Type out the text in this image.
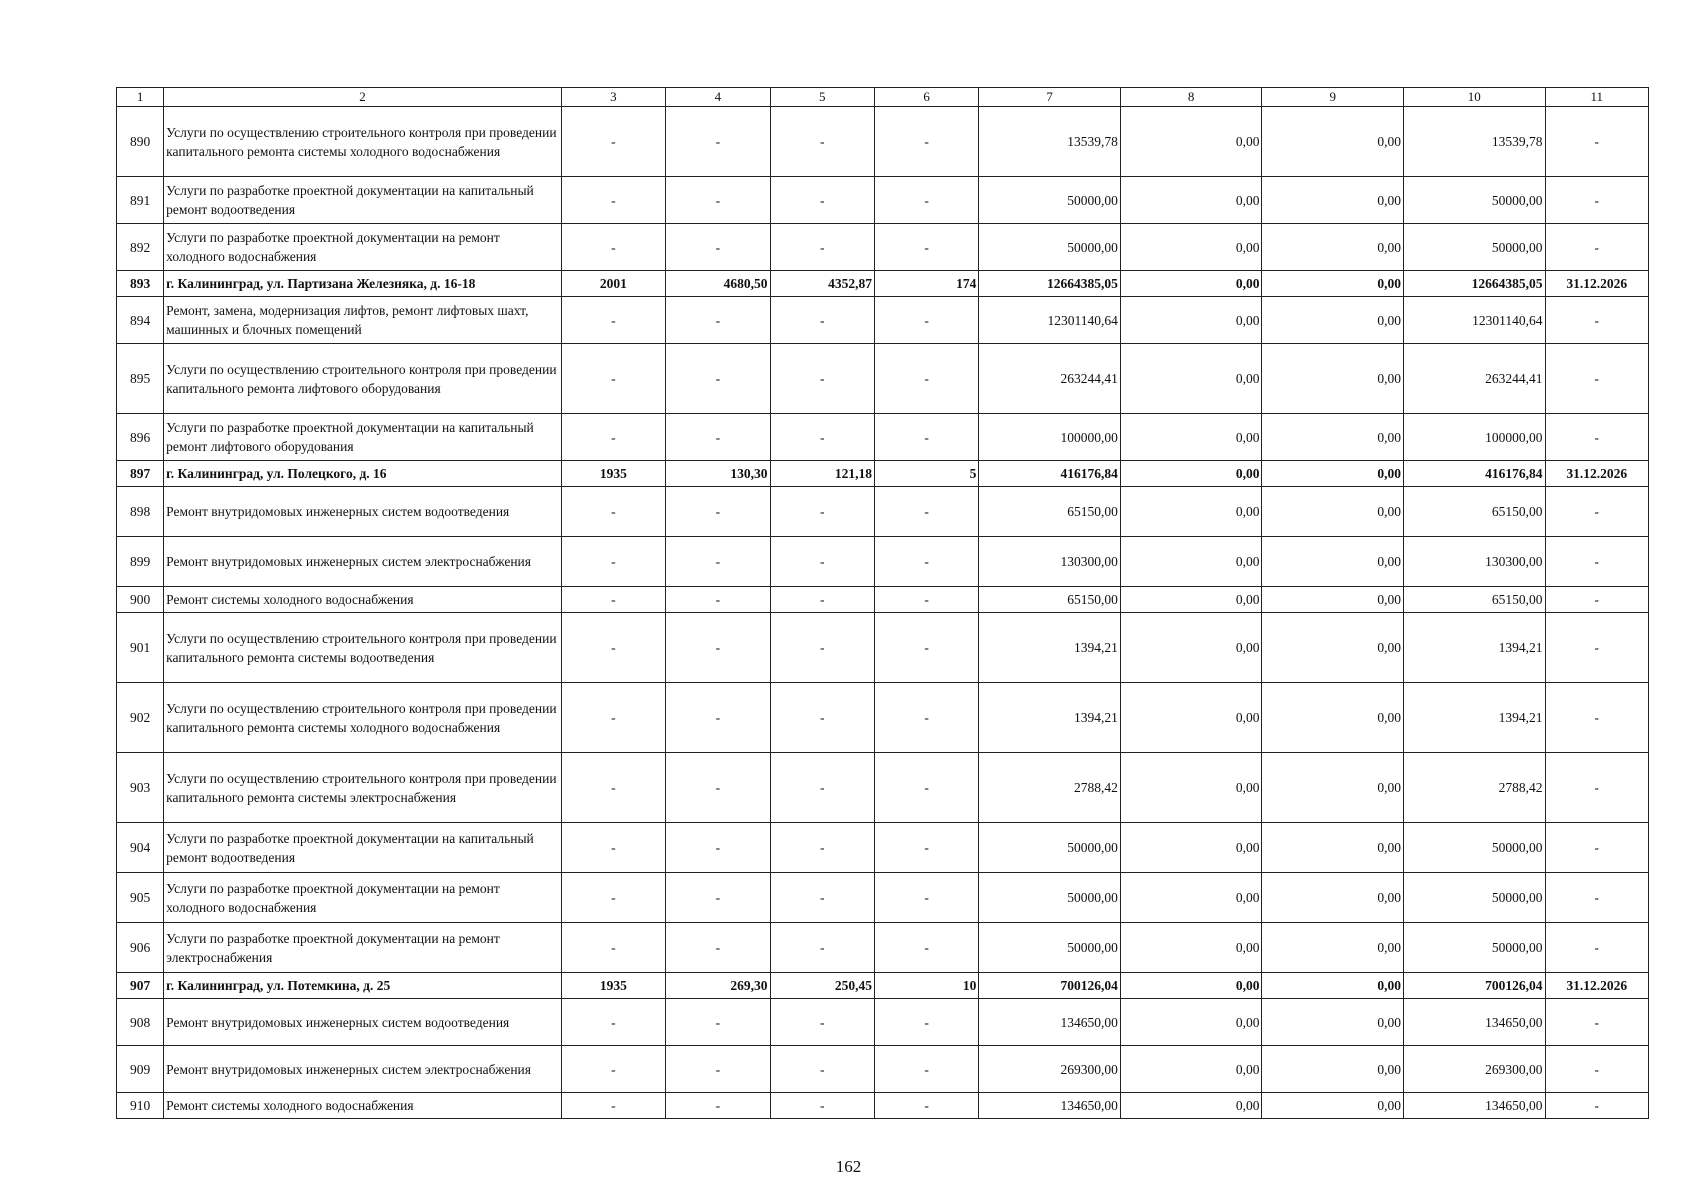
1	2	3	4	5	6	7	8	9	10	11
890	Услуги по осуществлению строительного контроля при проведении капитального ремонта системы холодного водоснабжения	-	-	-	-	13539,78	0,00	0,00	13539,78	-
891	Услуги по разработке проектной документации на капитальный ремонт водоотведения	-	-	-	-	50000,00	0,00	0,00	50000,00	-
892	Услуги по разработке проектной документации на ремонт холодного водоснабжения	-	-	-	-	50000,00	0,00	0,00	50000,00	-
893	г. Калининград, ул. Партизана Железняка, д. 16-18	2001	4680,50	4352,87	174	12664385,05	0,00	0,00	12664385,05	31.12.2026
894	Ремонт, замена, модернизация лифтов, ремонт лифтовых шахт, машинных и блочных помещений	-	-	-	-	12301140,64	0,00	0,00	12301140,64	-
895	Услуги по осуществлению строительного контроля при проведении капитального ремонта лифтового оборудования	-	-	-	-	263244,41	0,00	0,00	263244,41	-
896	Услуги по разработке проектной документации на капитальный ремонт лифтового оборудования	-	-	-	-	100000,00	0,00	0,00	100000,00	-
897	г. Калининград, ул. Полецкого, д. 16	1935	130,30	121,18	5	416176,84	0,00	0,00	416176,84	31.12.2026
898	Ремонт внутридомовых инженерных систем водоотведения	-	-	-	-	65150,00	0,00	0,00	65150,00	-
899	Ремонт внутридомовых инженерных систем электроснабжения	-	-	-	-	130300,00	0,00	0,00	130300,00	-
900	Ремонт системы холодного водоснабжения	-	-	-	-	65150,00	0,00	0,00	65150,00	-
901	Услуги по осуществлению строительного контроля при проведении капитального ремонта системы водоотведения	-	-	-	-	1394,21	0,00	0,00	1394,21	-
902	Услуги по осуществлению строительного контроля при проведении капитального ремонта системы холодного водоснабжения	-	-	-	-	1394,21	0,00	0,00	1394,21	-
903	Услуги по осуществлению строительного контроля при проведении капитального ремонта системы электроснабжения	-	-	-	-	2788,42	0,00	0,00	2788,42	-
904	Услуги по разработке проектной документации на капитальный ремонт водоотведения	-	-	-	-	50000,00	0,00	0,00	50000,00	-
905	Услуги по разработке проектной документации на ремонт холодного водоснабжения	-	-	-	-	50000,00	0,00	0,00	50000,00	-
906	Услуги по разработке проектной документации на ремонт электроснабжения	-	-	-	-	50000,00	0,00	0,00	50000,00	-
907	г. Калининград, ул. Потемкина, д. 25	1935	269,30	250,45	10	700126,04	0,00	0,00	700126,04	31.12.2026
908	Ремонт внутридомовых инженерных систем водоотведения	-	-	-	-	134650,00	0,00	0,00	134650,00	-
909	Ремонт внутридомовых инженерных систем электроснабжения	-	-	-	-	269300,00	0,00	0,00	269300,00	-
910	Ремонт системы холодного водоснабжения	-	-	-	-	134650,00	0,00	0,00	134650,00	-
162
